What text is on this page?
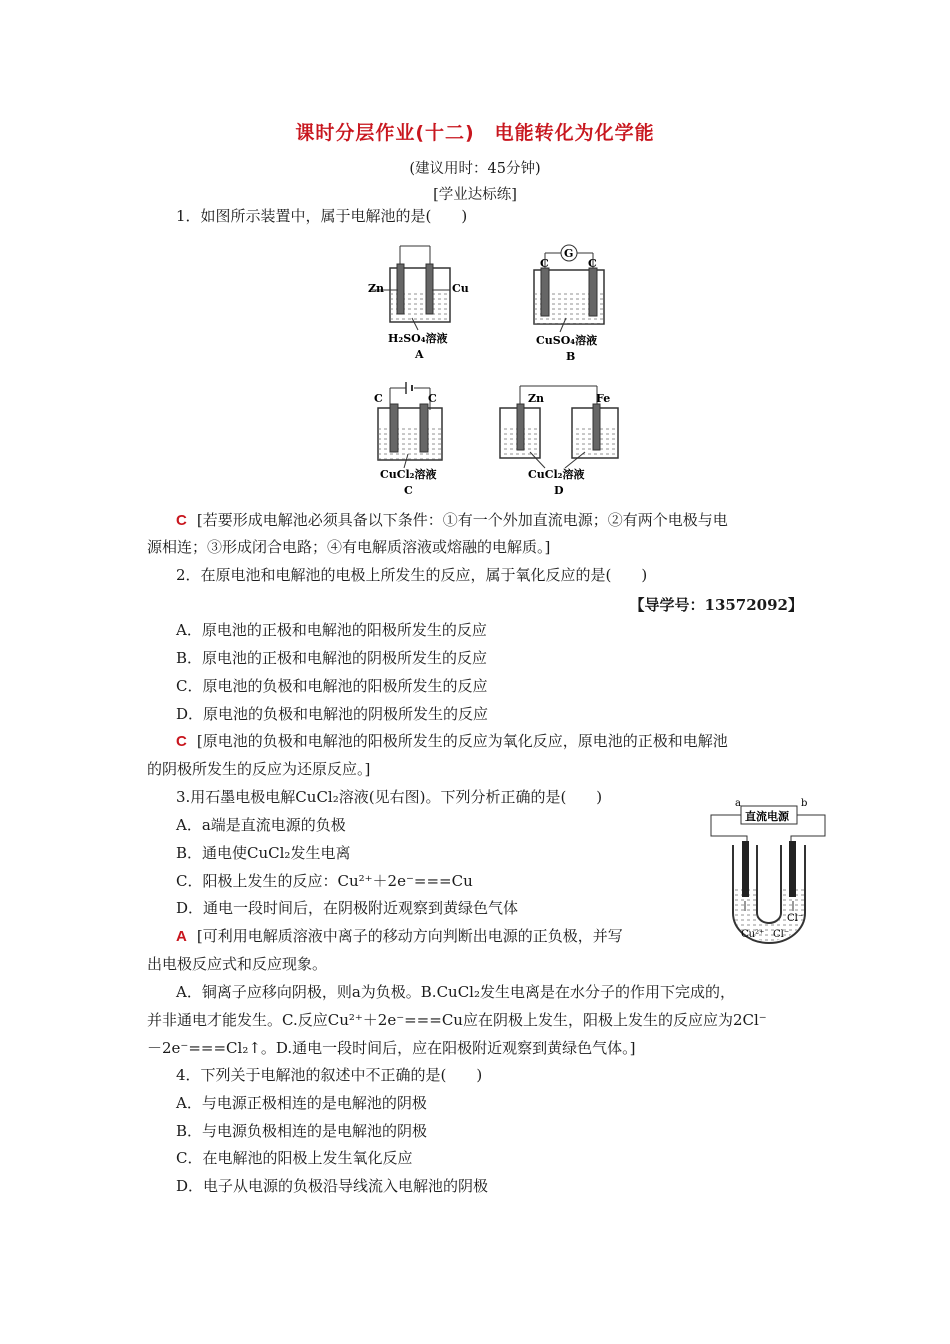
课时分层作业(十二)　电能转化为化学能
(建议用时：45分钟)
[学业达标练]
1．如图所示装置中，属于电解池的是(　　)
Zn	Cu
H₂SO₄溶液
A
G
C	C
CuSO₄溶液
B
C	C
CuCl₂溶液
C
Zn	Fe
CuCl₂溶液
D
C [若要形成电解池必须具备以下条件：①有一个外加直流电源；②有两个电极与电
源相连；③形成闭合电路；④有电解质溶液或熔融的电解质。]
2．在原电池和电解池的电极上所发生的反应，属于氧化反应的是(　　)
【导学号：13572092】
A．原电池的正极和电解池的阳极所发生的反应
B．原电池的正极和电解池的阴极所发生的反应
C．原电池的负极和电解池的阳极所发生的反应
D．原电池的负极和电解池的阴极所发生的反应
C [原电池的负极和电解池的阳极所发生的反应为氧化反应，原电池的正极和电解池
的阴极所发生的反应为还原反应。]
3.用石墨电极电解CuCl₂溶液(见右图)。下列分析正确的是(　　)
A．a端是直流电源的负极
B．通电使CuCl₂发生电离
C．阳极上发生的反应：Cu²⁺＋2e⁻===Cu
D．通电一段时间后，在阴极附近观察到黄绿色气体
A [可利用电解质溶液中离子的移动方向判断出电源的正负极，并写
出电极反应式和反应现象。
A．铜离子应移向阴极，则a为负极。B.CuCl₂发生电离是在水分子的作用下完成的，
并非通电才能发生。C.反应Cu²⁺＋2e⁻===Cu应在阴极上发生，阳极上发生的反应应为2Cl⁻
－2e⁻===Cl₂↑。D.通电一段时间后，应在阳极附近观察到黄绿色气体。]
a	b
直流电源
Cl⁻
Cu²⁺ Cl⁻
4．下列关于电解池的叙述中不正确的是(　　)
A．与电源正极相连的是电解池的阴极
B．与电源负极相连的是电解池的阴极
C．在电解池的阳极上发生氧化反应
D．电子从电源的负极沿导线流入电解池的阴极
